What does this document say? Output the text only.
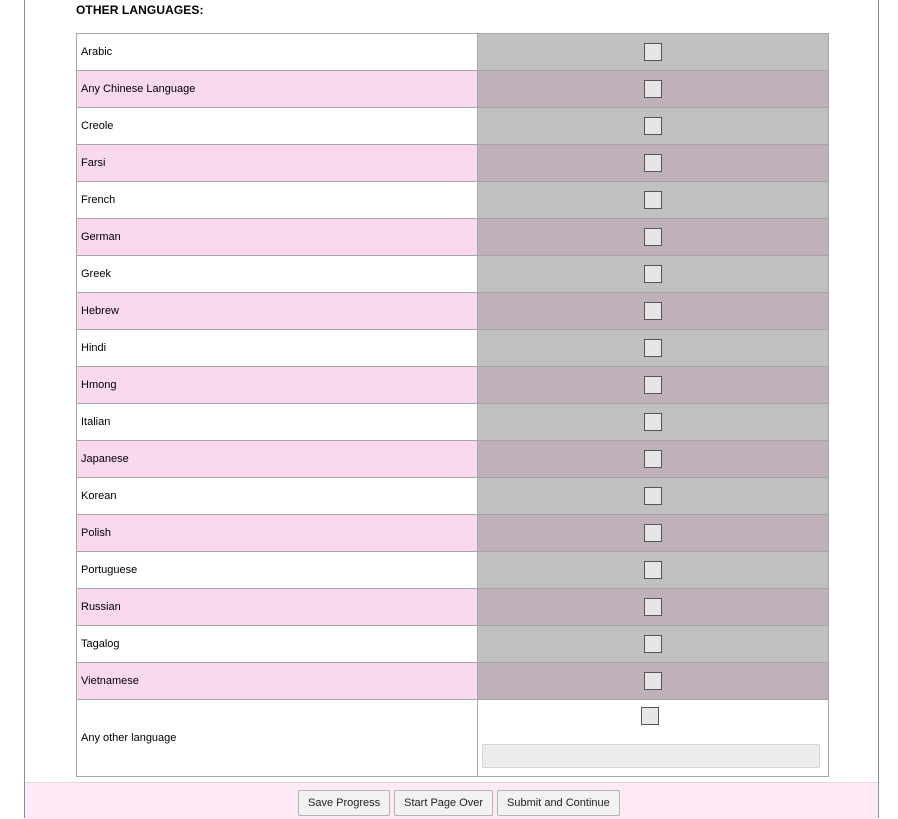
OTHER LANGUAGES:
Arabic	
Any Chinese Language	
Creole	
Farsi	
French	
German	
Greek	
Hebrew	
Hindi	
Hmong	
Italian	
Japanese	
Korean	
Polish	
Portuguese	
Russian	
Tagalog	
Vietnamese	
Any other language	
Save Progress	Start Page Over	Submit and Continue
